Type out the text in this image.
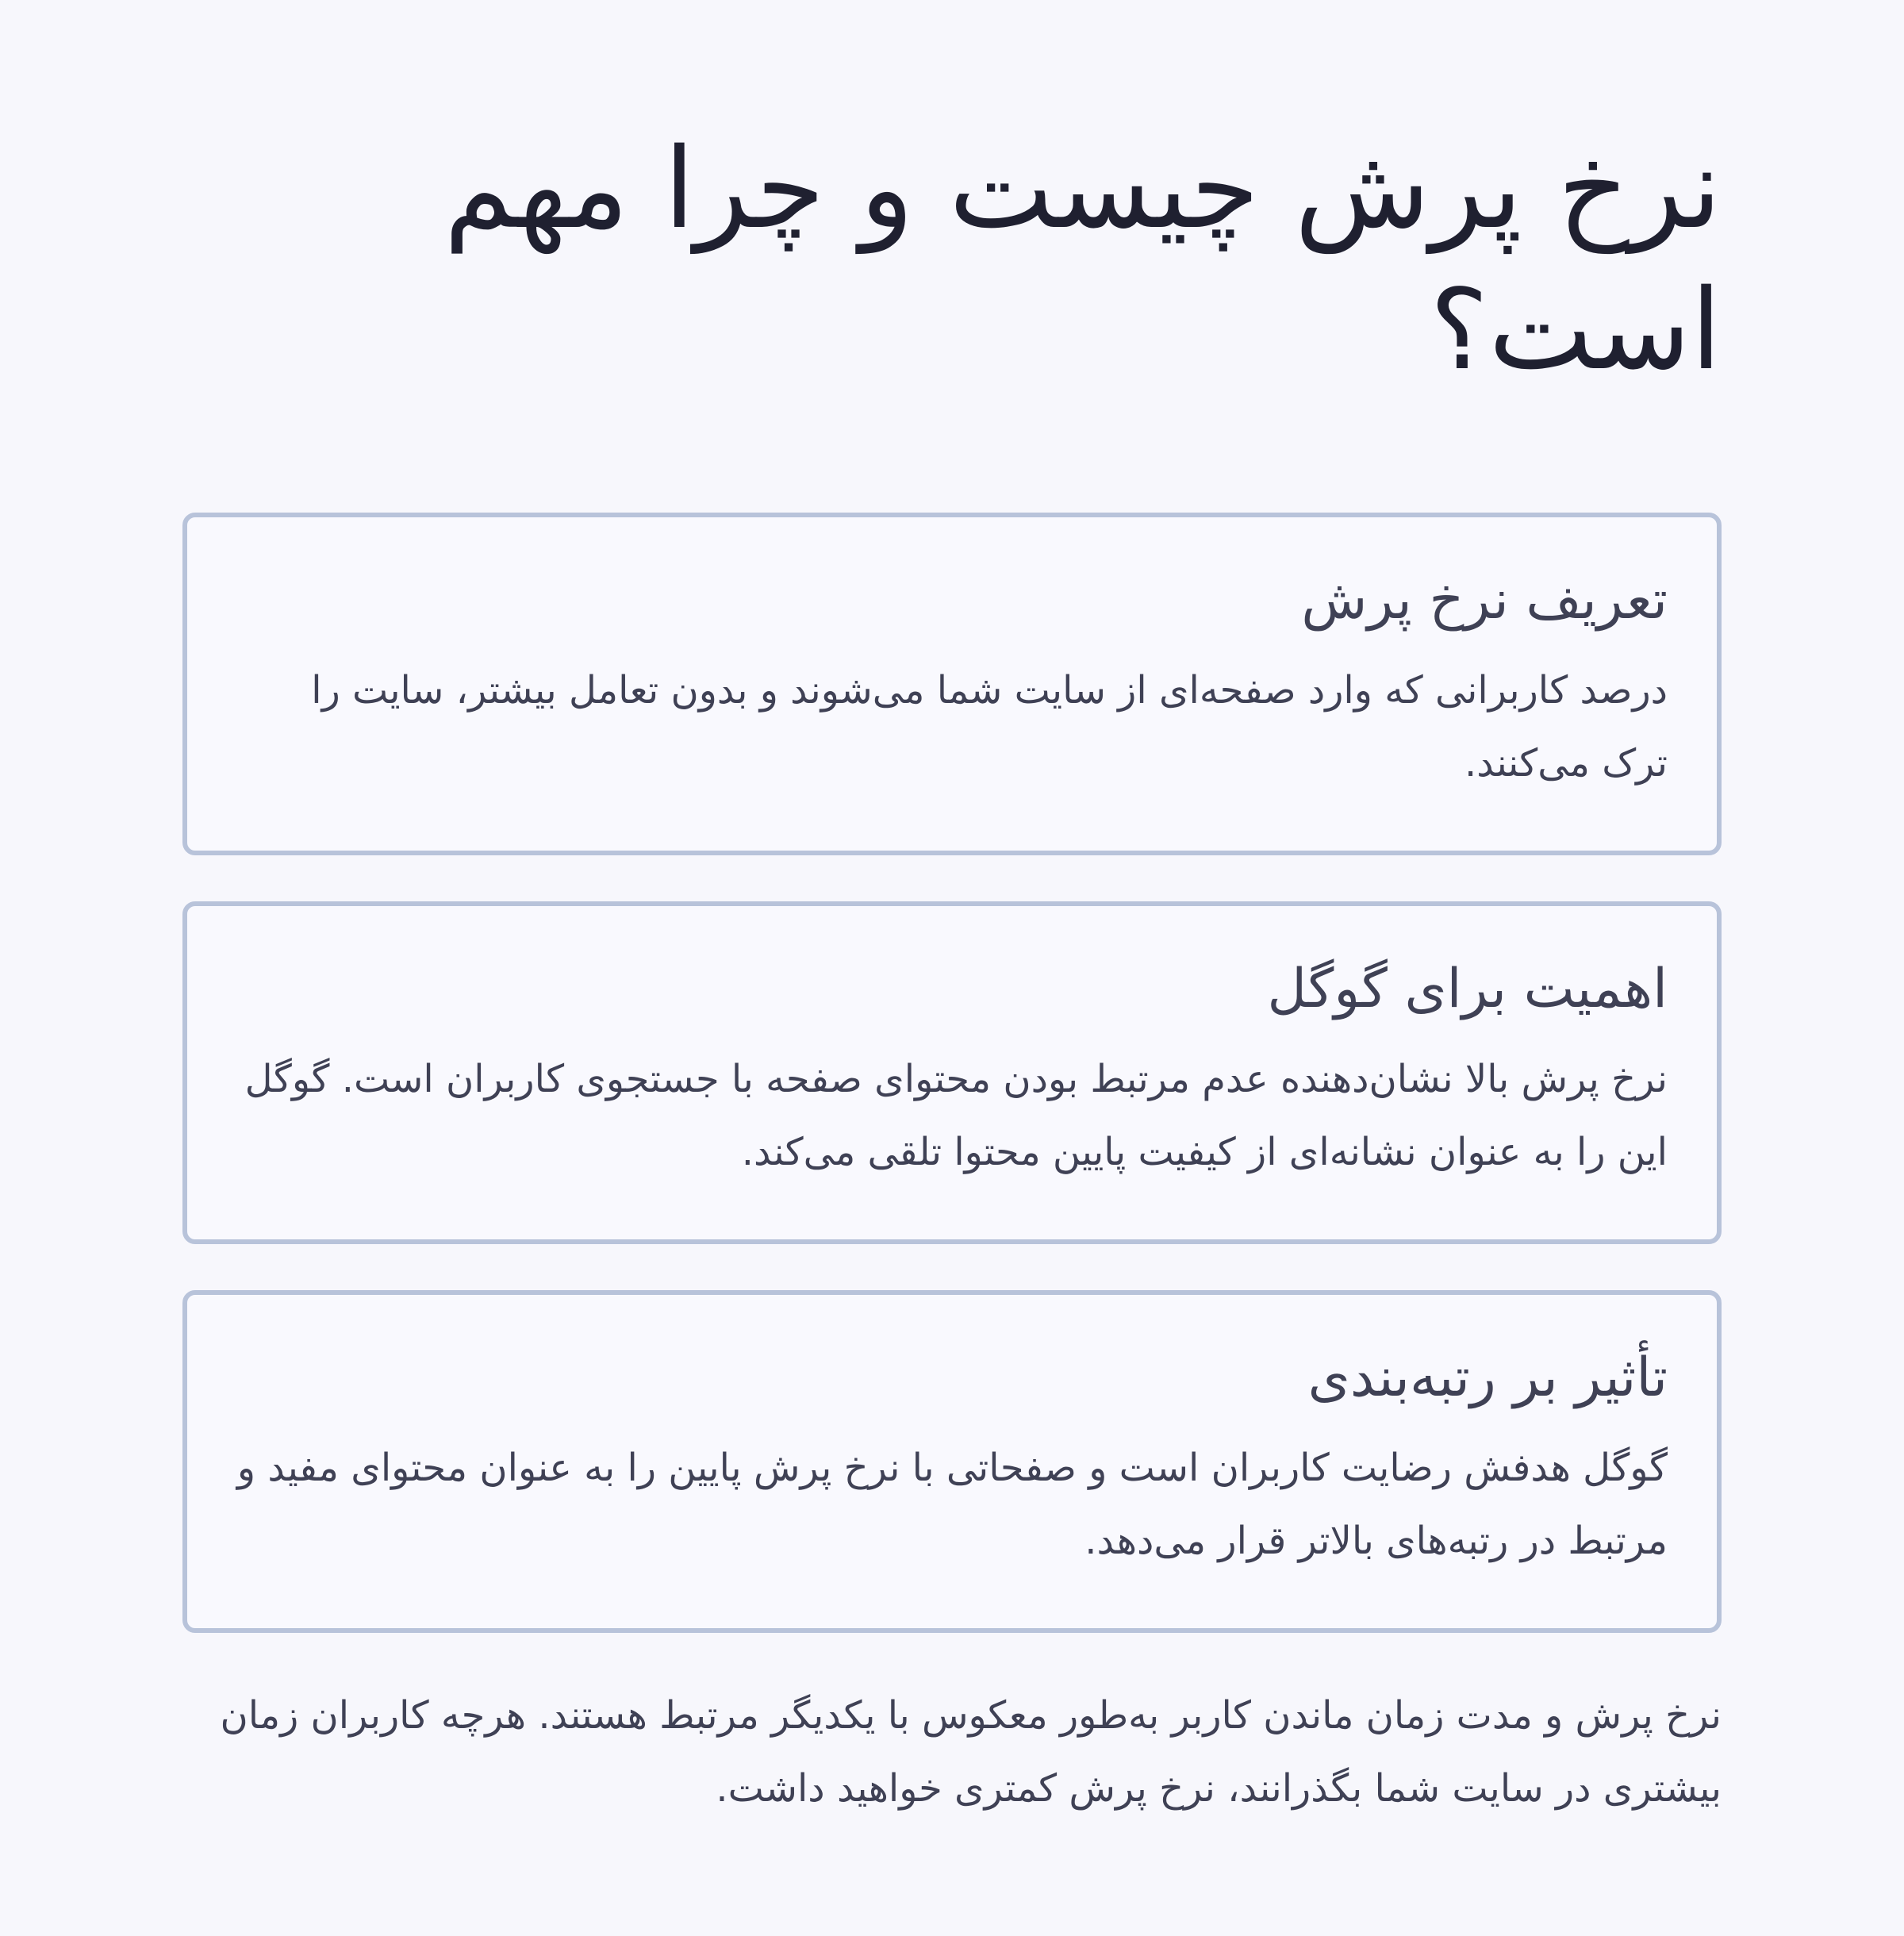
نرخ پرش چیست و چرا مهم است؟
تعریف نرخ پرش

درصد کاربرانی که وارد صفحه‌ای از سایت شما می‌شوند و بدون تعامل بیشتر، سایت را ترک می‌کنند.

اهمیت برای گوگل

نرخ پرش بالا نشان‌دهنده عدم مرتبط بودن محتوای صفحه با جستجوی کاربران است. گوگل این را به عنوان نشانه‌ای از کیفیت پایین محتوا تلقی می‌کند.

تأثیر بر رتبه‌بندی

گوگل هدفش رضایت کاربران است و صفحاتی با نرخ پرش پایین را به عنوان محتوای مفید و مرتبط در رتبه‌های بالاتر قرار می‌دهد.

نرخ پرش و مدت زمان ماندن کاربر به‌طور معکوس با یکدیگر مرتبط هستند. هرچه کاربران زمان بیشتری در سایت شما بگذرانند، نرخ پرش کمتری خواهید داشت.
